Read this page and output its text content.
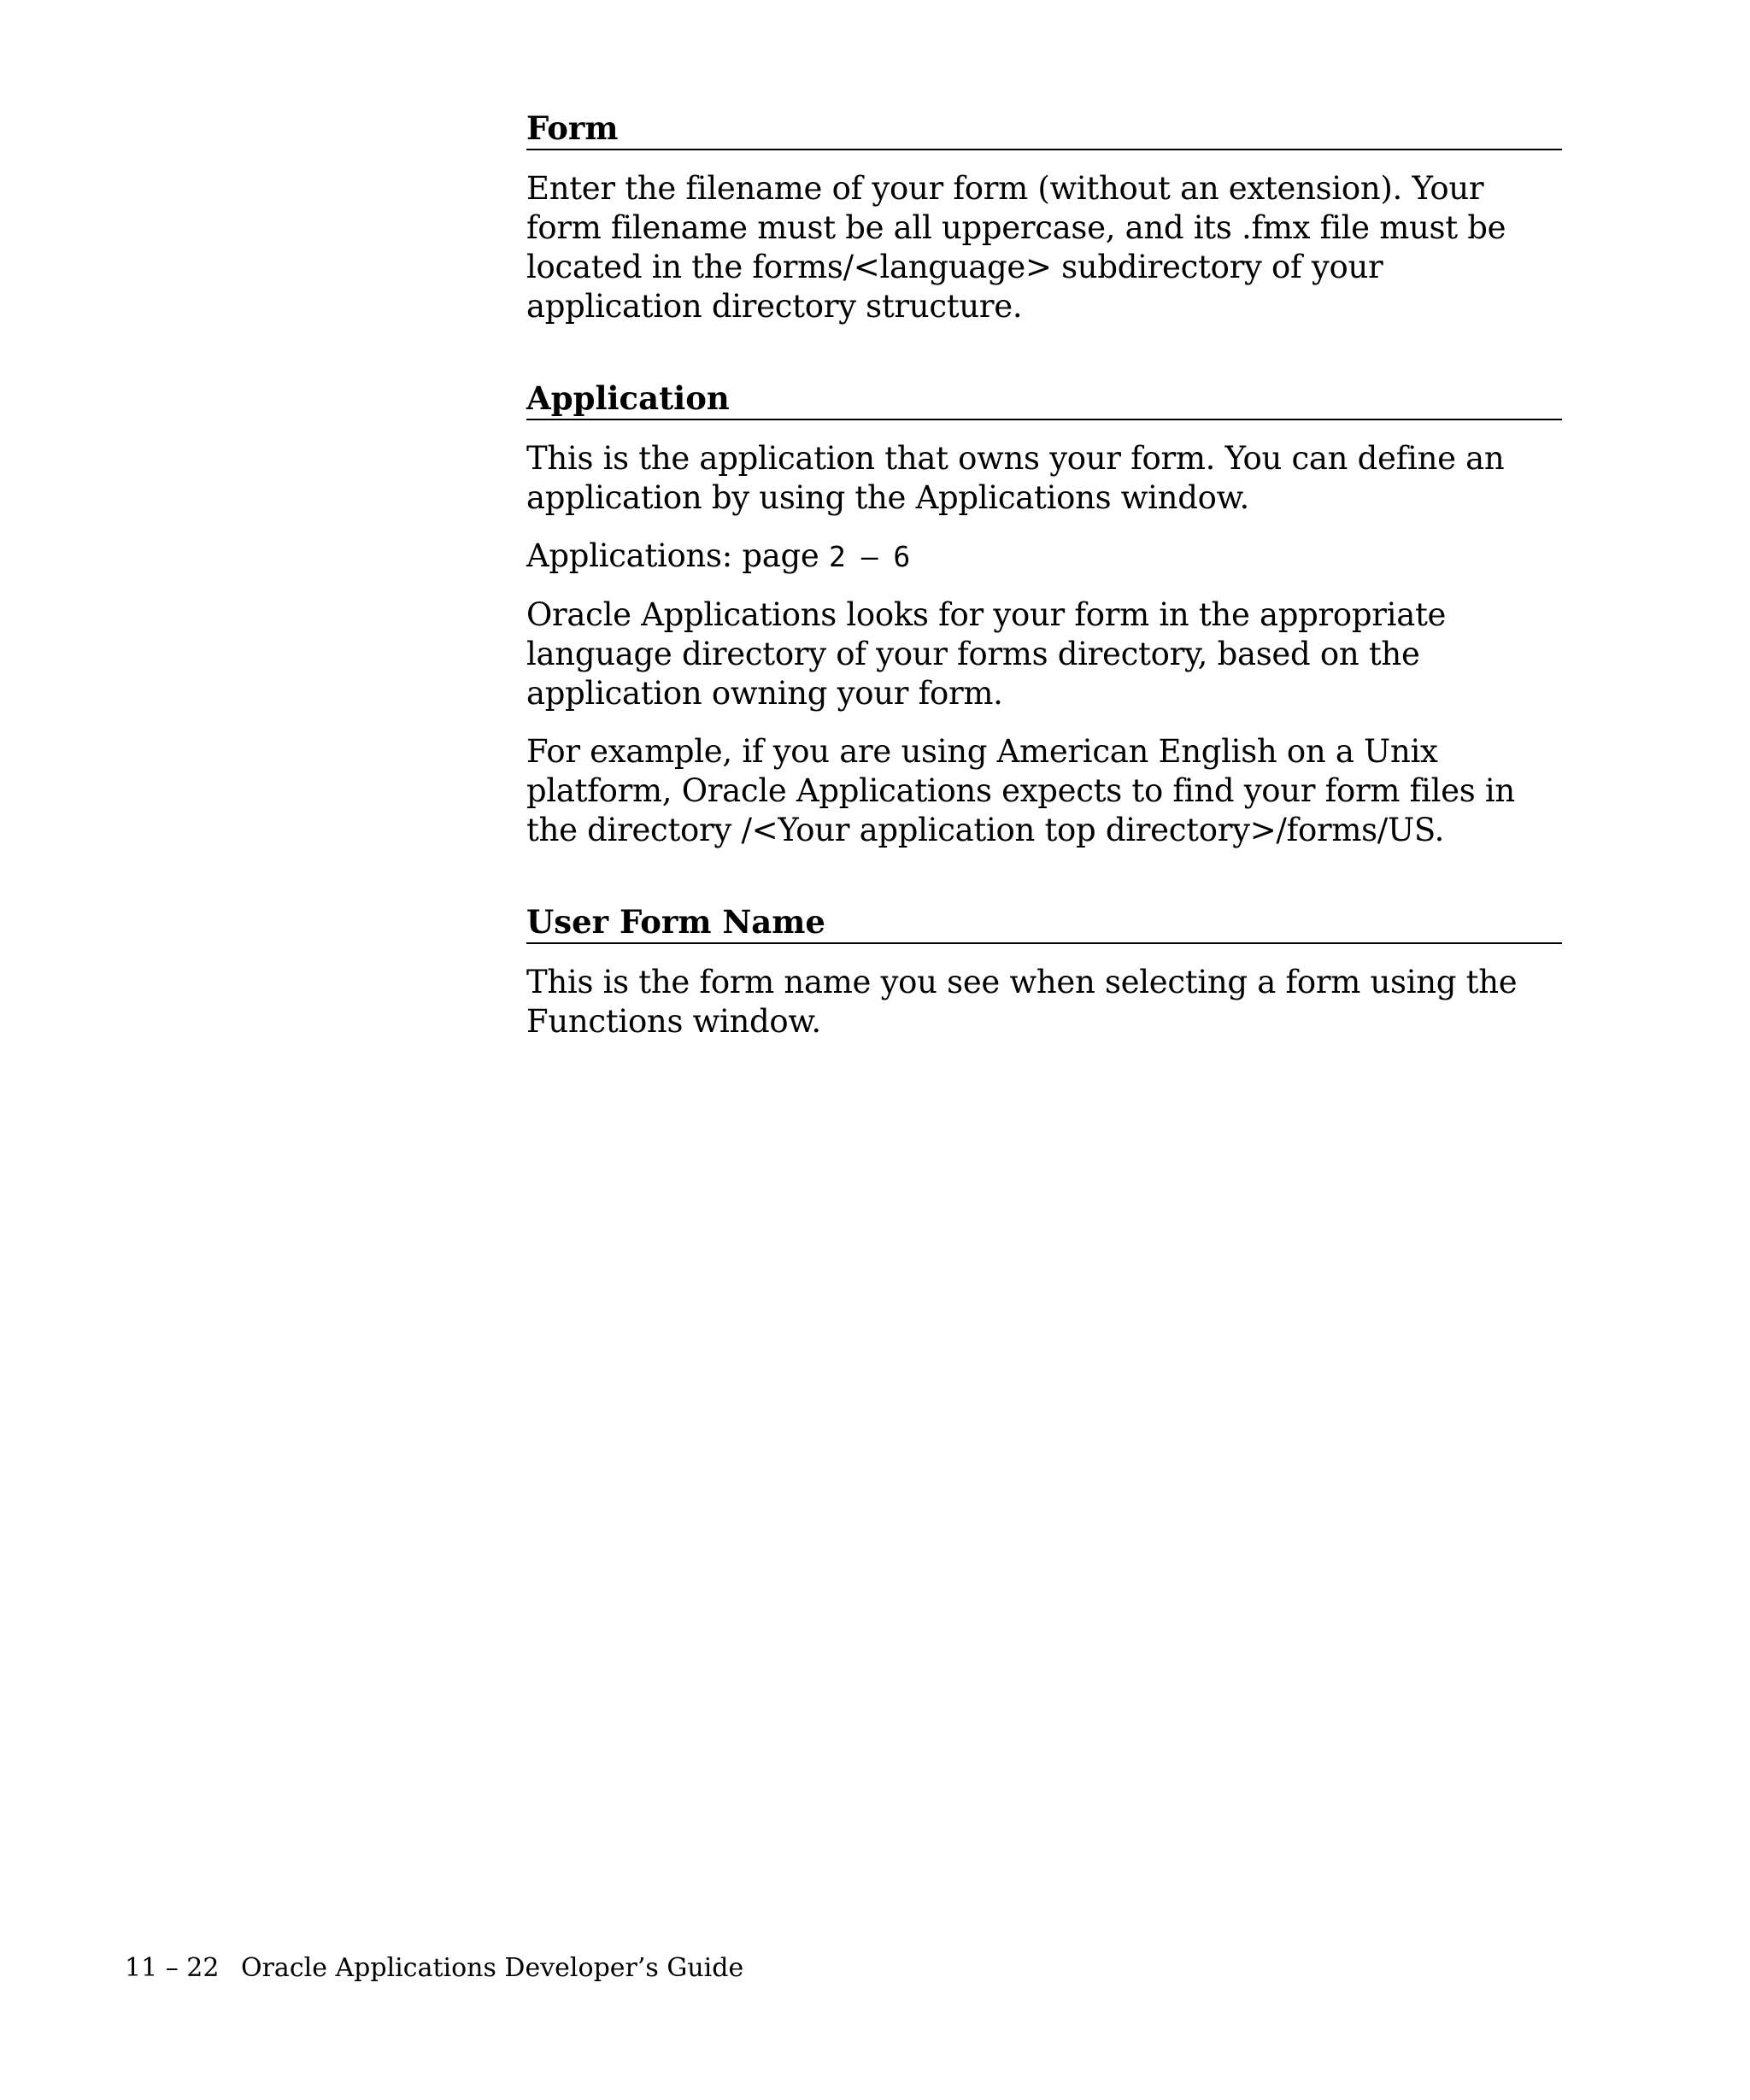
Form

Enter the filename of your form (without an extension). Your form filename must be all uppercase, and its .fmx file must be located in the forms/<language> subdirectory of your application directory structure.

Application

This is the application that owns your form. You can define an application by using the Applications window.

Applications: page 2 – 6

Oracle Applications looks for your form in the appropriate language directory of your forms directory, based on the application owning your form.

For example, if you are using American English on a Unix platform, Oracle Applications expects to find your form files in the directory /<Your application top directory>/forms/US.

User Form Name

This is the form name you see when selecting a form using the Functions window.

11 – 22 Oracle Applications Developer’s Guide
